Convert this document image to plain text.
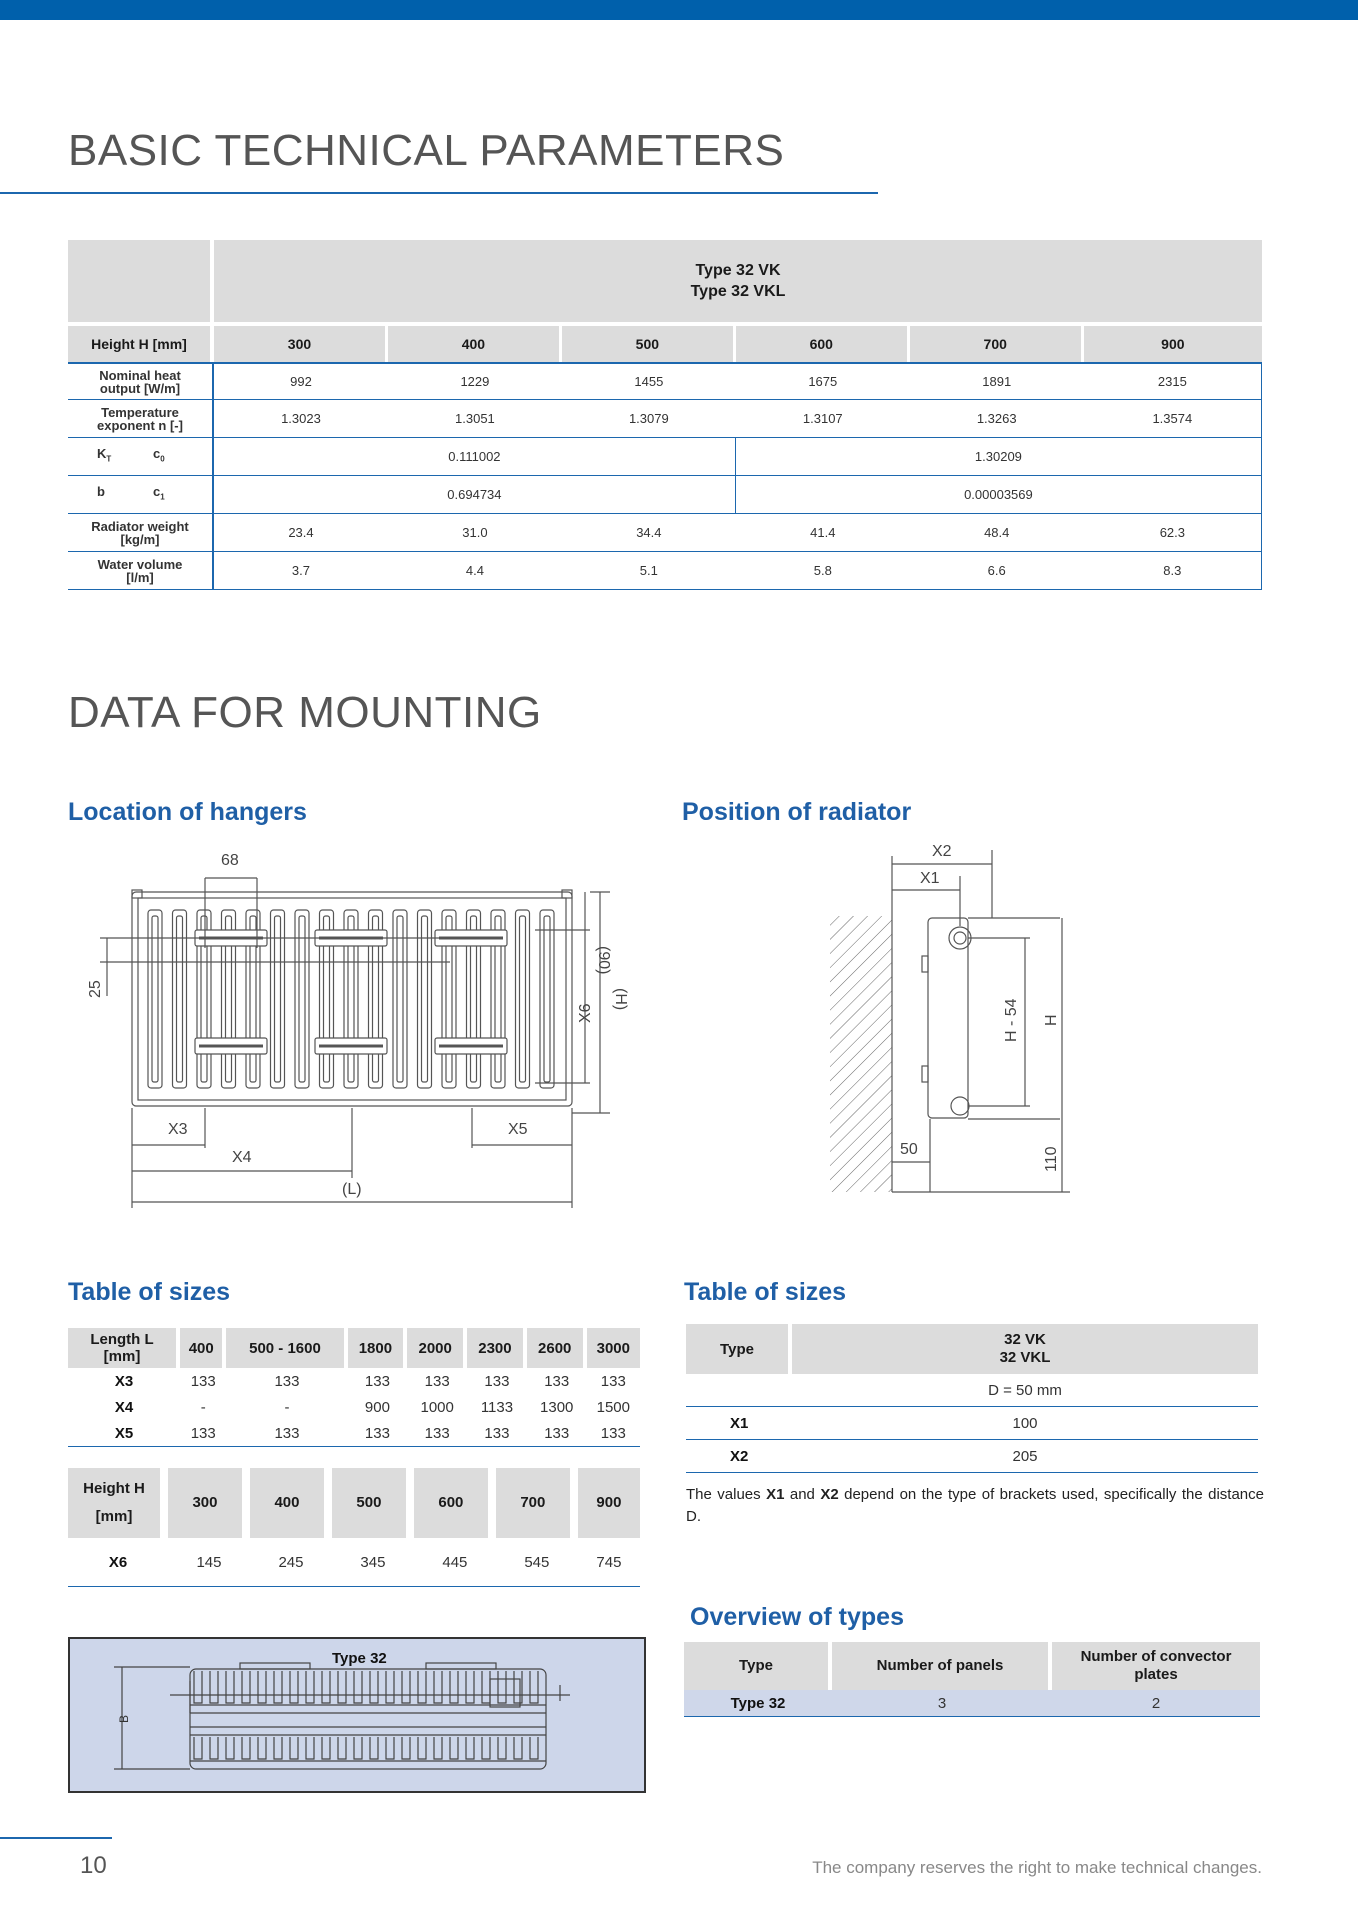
BASIC TECHNICAL PARAMETERS
	Type 32 VK
Type 32 VKL					

Height H [mm]	300	400	500	600	700	900
Nominal heat
output [W/m]	992	1229	1455	1675	1891	2315
Temperature
exponent n [-]	1.3023	1.3051	1.3079	1.3107	1.3263	1.3574
$K_T$ $c_0$	0.111002			1.30209		
b $c_1$	0.694734			0.00003569		
Radiator weight
[kg/m]	23.4	31.0	34.4	41.4	48.4	62.3
Water volume
[l/m]	3.7	4.4	5.1	5.8	6.6	8.3
DATA FOR MOUNTING
Location of hangers
68
25
(90)
(H)
X6
X3
X4
X5
(L)
Position of radiator
X2
X1
H - 54 H
50	110
Table of sizes
Length L
[mm]	400	500 - 1600	1800	2000	2300	2600	3000
X3	133	133	133	133	133	133	133
X4	-	-	900	1000	1133	1300	1500
X5	133	133	133	133	133	133	133
Height H
[mm]	300	400	500	600	700	900
X6	145	245	345	445	545	745
Type 32
B
Table of sizes
Type	32 VK
32 VKL
	D = 50 mm
X1	100
X2	205

The values X1 and X2 depend on the type of brackets used, specifically the distance D.

Overview of types
Type	Number of panels	Number of convector plates
Type 32	3	2
10	The company reserves the right to make technical changes.
